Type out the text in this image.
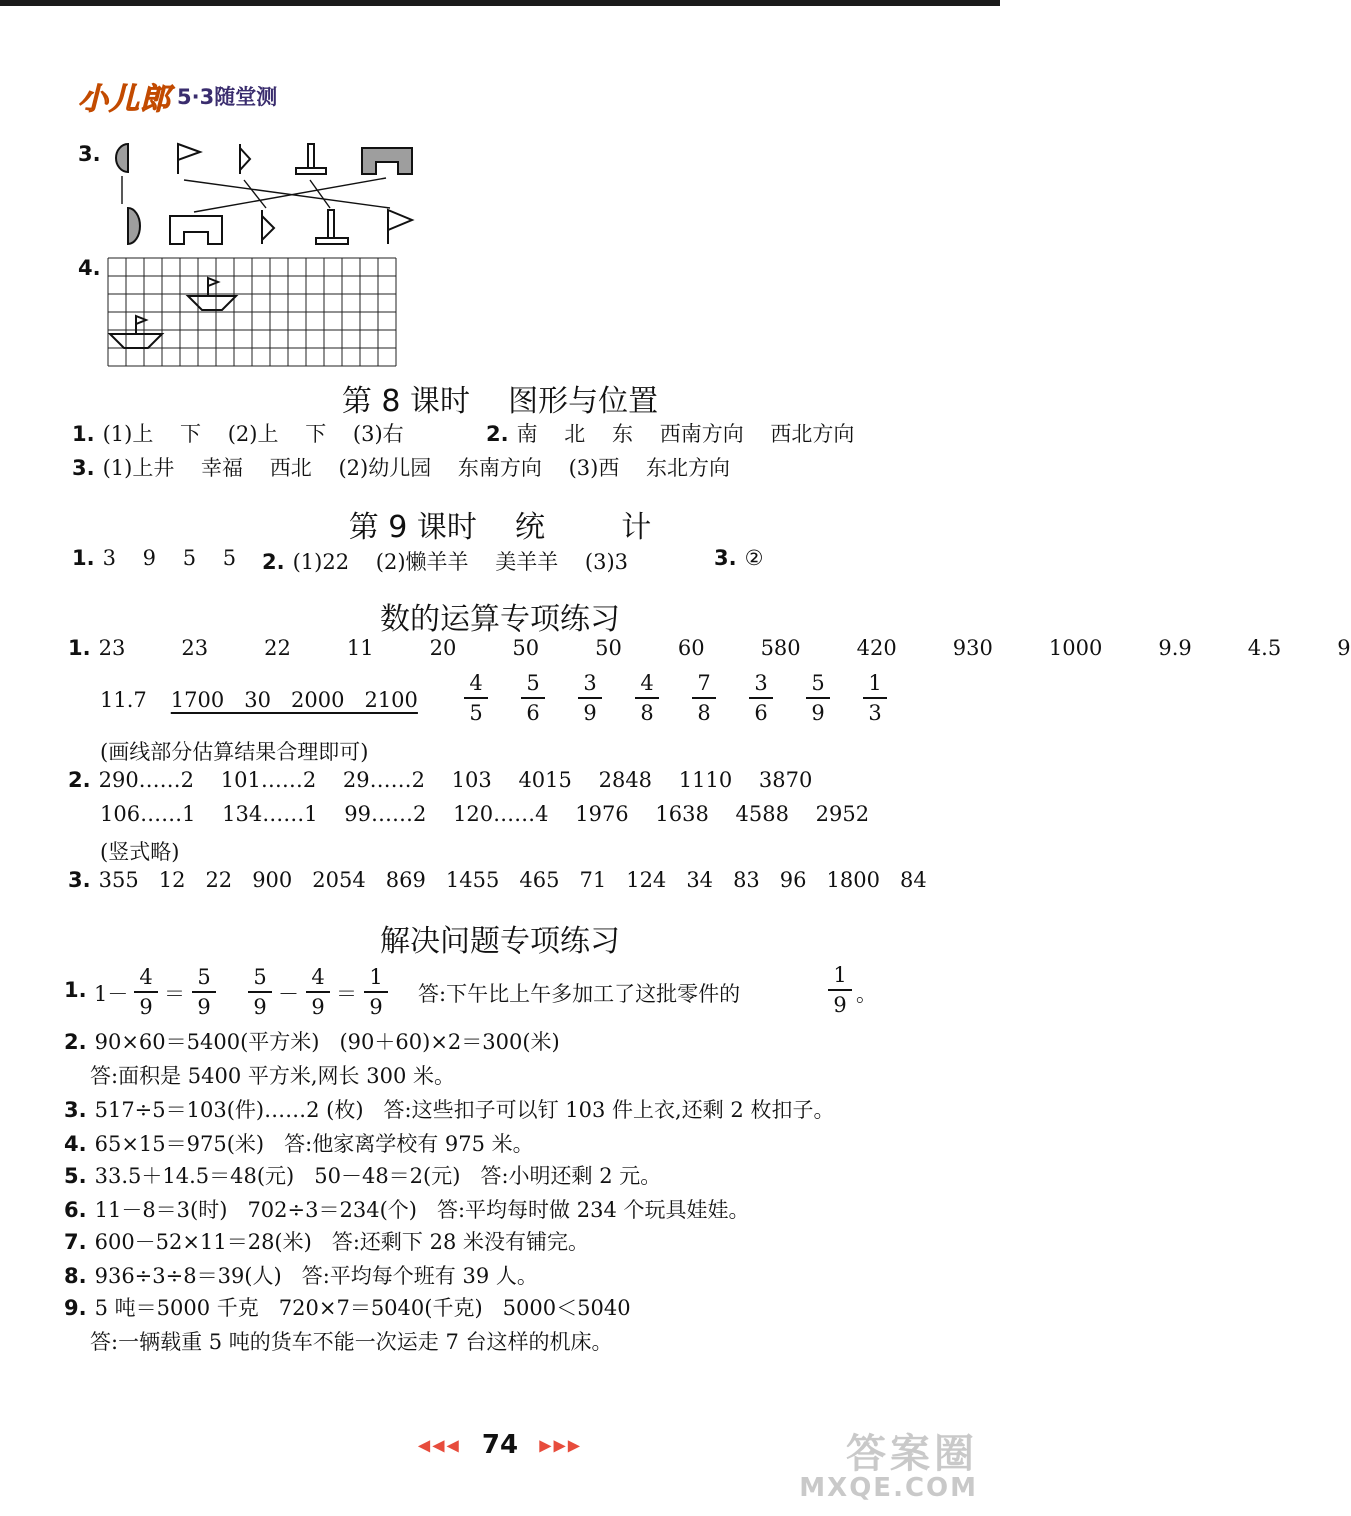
小儿郎 5·3随堂测
3.
4.
第 8 课时    图形与位置
1. (1)上    下    (2)上    下    (3)右	2. 南    北    东    西南方向    西北方向
3. (1)上井    幸福    西北    (2)幼儿园    东南方向    (3)西    东北方向
第 9 课时    统        计
1. 3    9    5    5 2. (1)22    (2)懒羊羊    美羊羊    (3)3	3. ②
数的运算专项练习
1. 23   23   22   11   20   50   50   60   580   420   930   1000   9.9   4.5   9
11.7 1700   30   2000   2100
4
5
5
6
3
9
4
8
7
8
3
6
5
9
1
3
(画线部分估算结果合理即可)
2. 290……2    101……2    29……2    103    4015    2848    1110    3870
106……1    134……1    99……2    120……4    1976    1638    4588    2952
(竖式略)
3. 355   12   22   900   2054   869   1455   465   71   124   34   83   96   1800   84
解决问题专项练习
1. 1－
4
9
＝
5
9
5
9
－
4
9
＝
1
9
答:下午比上午多加工了这批零件的
1
9 。
2. 90×60＝5400(平方米)   (90＋60)×2＝300(米)
答:面积是 5400 平方米,网长 300 米。
3. 517÷5＝103(件)……2 (枚)   答:这些扣子可以钉 103 件上衣,还剩 2 枚扣子。
4. 65×15＝975(米)   答:他家离学校有 975 米。
5. 33.5＋14.5＝48(元)   50－48＝2(元)   答:小明还剩 2 元。
6. 11－8＝3(时)   702÷3＝234(个)   答:平均每时做 234 个玩具娃娃。
7. 600－52×11＝28(米)   答:还剩下 28 米没有铺完。
8. 936÷3÷8＝39(人)   答:平均每个班有 39 人。
9. 5 吨＝5000 千克   720×7＝5040(千克)   5000＜5040
答:一辆载重 5 吨的货车不能一次运走 7 台这样的机床。
◀◀◀ 74 ▶▶▶	答案圈
MXQE.COM
